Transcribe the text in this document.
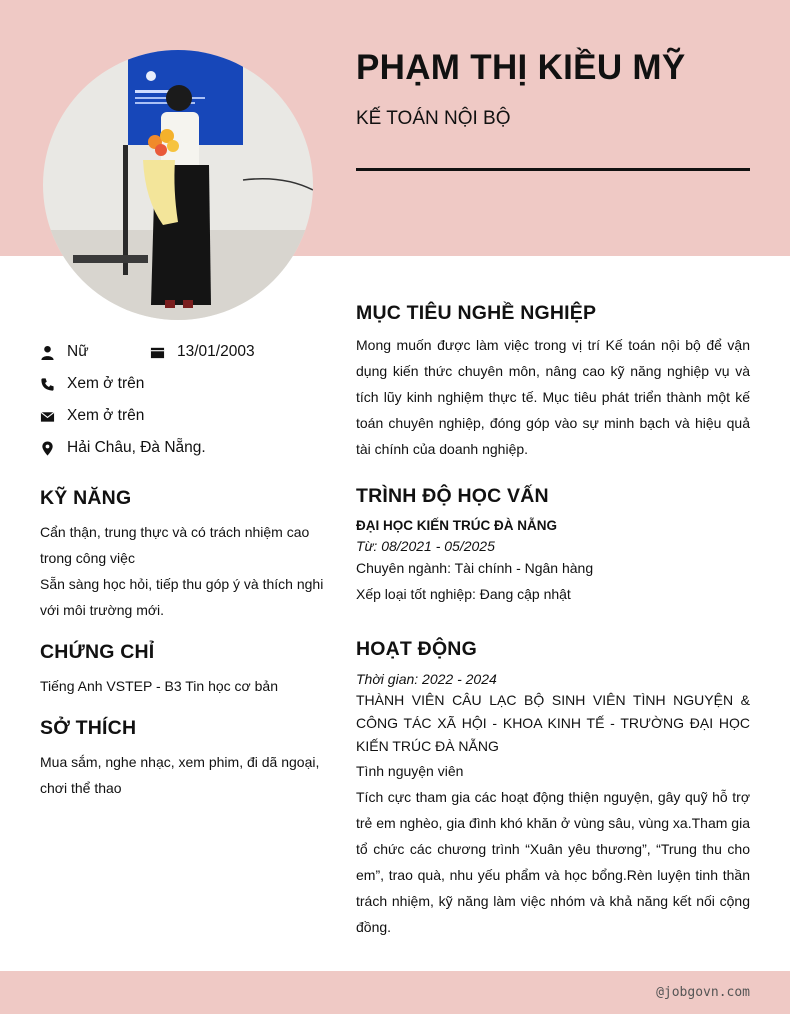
PHẠM THỊ KIỀU MỸ
KẾ TOÁN NỘI BỘ
Nữ	13/01/2003
Xem ở trên
Xem ở trên
Hải Châu, Đà Nẵng.
KỸ NĂNG

Cẩn thận, trung thực và có trách nhiệm cao trong công việc

Sẵn sàng học hỏi, tiếp thu góp ý và thích nghi với môi trường mới.

CHỨNG CHỈ

Tiếng Anh VSTEP - B3 Tin học cơ bản

SỞ THÍCH

Mua sắm, nghe nhạc, xem phim, đi dã ngoại, chơi thể thao

MỤC TIÊU NGHỀ NGHIỆP
Mong muốn được làm việc trong vị trí Kế toán nội bộ để vận dụng kiến thức chuyên môn, nâng cao kỹ năng nghiệp vụ và tích lũy kinh nghiệm thực tế. Mục tiêu phát triển thành một kế toán chuyên nghiệp, đóng góp vào sự minh bạch và hiệu quả tài chính của doanh nghiệp.
TRÌNH ĐỘ HỌC VẤN
ĐẠI HỌC KIẾN TRÚC ĐÀ NẴNG
Từ: 08/2021 - 05/2025
Chuyên ngành: Tài chính - Ngân hàng
Xếp loại tốt nghiệp: Đang cập nhật
HOẠT ĐỘNG
Thời gian: 2022 - 2024
THÀNH VIÊN CÂU LẠC BỘ SINH VIÊN TÌNH NGUYỆN & CÔNG TÁC XÃ HỘI - KHOA KINH TẾ - TRƯỜNG ĐẠI HỌC KIẾN TRÚC ĐÀ NẴNG
Tình nguyện viên
Tích cực tham gia các hoạt động thiện nguyện, gây quỹ hỗ trợ trẻ em nghèo, gia đình khó khăn ở vùng sâu, vùng xa.Tham gia tổ chức các chương trình “Xuân yêu thương”, “Trung thu cho em”, trao quà, nhu yếu phẩm và học bổng.Rèn luyện tinh thần trách nhiệm, kỹ năng làm việc nhóm và khả năng kết nối cộng đồng.
@jobgovn.com
